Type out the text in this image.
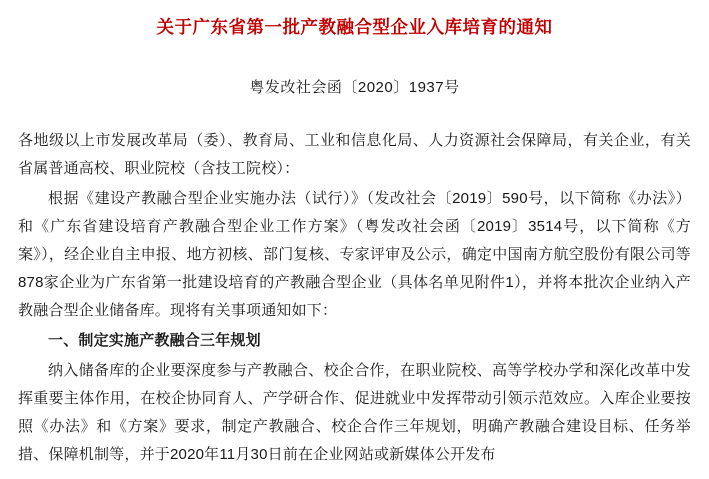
关于广东省第一批产教融合型企业入库培育的通知
粤发改社会函〔2020〕1937号

各地级以上市发展改革局（委）、教育局、工业和信息化局、人力资源社会保障局，有关企业，有关省属普通高校、职业院校（含技工院校）：

根据《建设产教融合型企业实施办法（试行）》（发改社会〔2019〕590号，以下简称《办法》）和《广东省建设培育产教融合型企业工作方案》（粤发改社会函〔2019〕3514号，以下简称《方案》），经企业自主申报、地方初核、部门复核、专家评审及公示，确定中国南方航空股份有限公司等878家企业为广东省第一批建设培育的产教融合型企业（具体名单见附件1），并将本批次企业纳入产教融合型企业储备库。现将有关事项通知如下：

一、制定实施产教融合三年规划

纳入储备库的企业要深度参与产教融合、校企合作，在职业院校、高等学校办学和深化改革中发挥重要主体作用，在校企协同育人、产学研合作、促进就业中发挥带动引领示范效应。入库企业要按照《办法》和《方案》要求，制定产教融合、校企合作三年规划，明确产教融合建设目标、任务举措、保障机制等，并于2020年11月30日前在企业网站或新媒体公开发布
